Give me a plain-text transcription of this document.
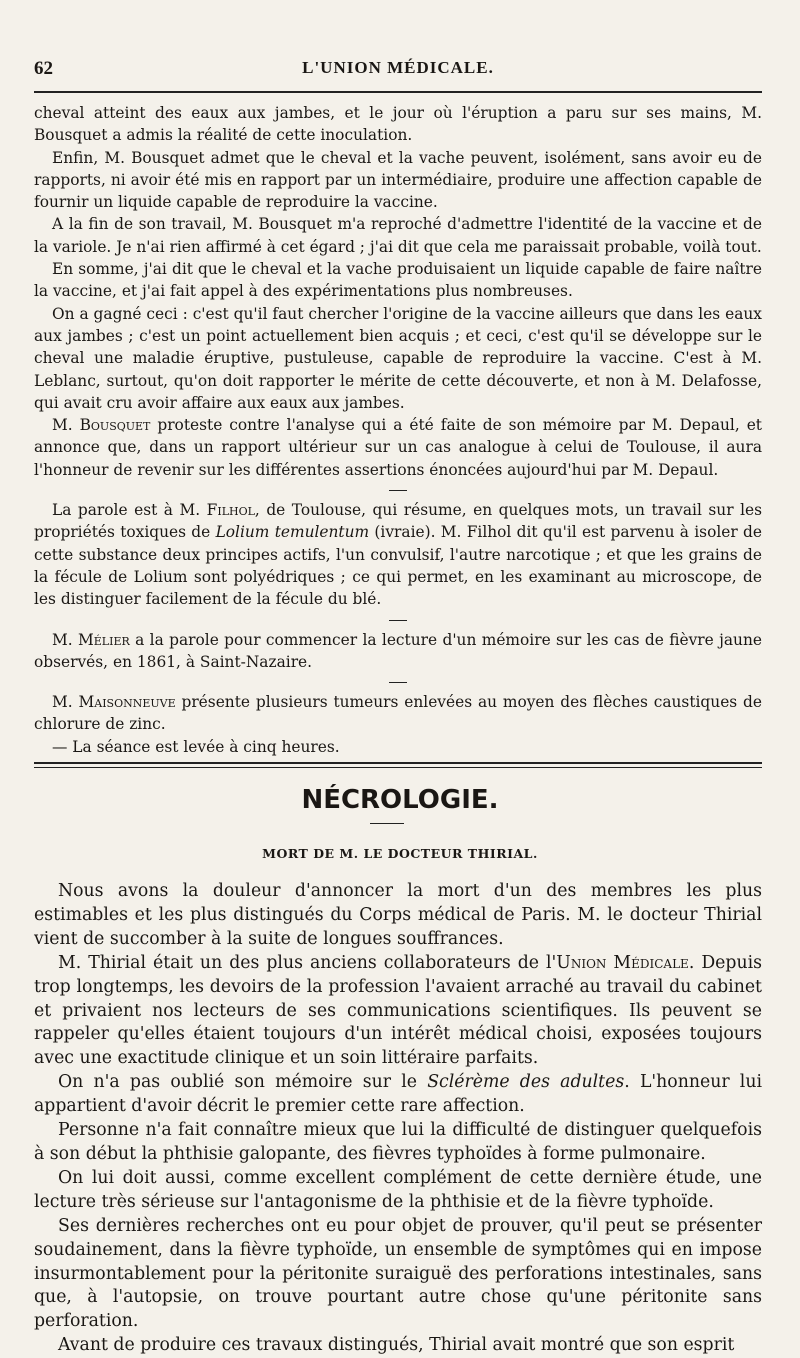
62	L'UNION MÉDICALE.

cheval atteint des eaux aux jambes, et le jour où l'éruption a paru sur ses mains, M. Bousquet a admis la réalité de cette inoculation.

Enfin, M. Bousquet admet que le cheval et la vache peuvent, isolément, sans avoir eu de rapports, ni avoir été mis en rapport par un intermédiaire, produire une affection capable de fournir un liquide capable de reproduire la vaccine.

A la fin de son travail, M. Bousquet m'a reproché d'admettre l'identité de la vaccine et de la variole. Je n'ai rien affirmé à cet égard ; j'ai dit que cela me paraissait probable, voilà tout.

En somme, j'ai dit que le cheval et la vache produisaient un liquide capable de faire naître la vaccine, et j'ai fait appel à des expérimentations plus nombreuses.

On a gagné ceci : c'est qu'il faut chercher l'origine de la vaccine ailleurs que dans les eaux aux jambes ; c'est un point actuellement bien acquis ; et ceci, c'est qu'il se développe sur le cheval une maladie éruptive, pustuleuse, capable de reproduire la vaccine. C'est à M. Leblanc, surtout, qu'on doit rapporter le mérite de cette découverte, et non à M. Delafosse, qui avait cru avoir affaire aux eaux aux jambes.

M. Bousquet proteste contre l'analyse qui a été faite de son mémoire par M. Depaul, et annonce que, dans un rapport ultérieur sur un cas analogue à celui de Toulouse, il aura l'honneur de revenir sur les différentes assertions énoncées aujourd'hui par M. Depaul.

La parole est à M. Filhol, de Toulouse, qui résume, en quelques mots, un travail sur les propriétés toxiques de Lolium temulentum (ivraie). M. Filhol dit qu'il est parvenu à isoler de cette substance deux principes actifs, l'un convulsif, l'autre narcotique ; et que les grains de la fécule de Lolium sont polyédriques ; ce qui permet, en les examinant au microscope, de les distinguer facilement de la fécule du blé.

M. Mélier a la parole pour commencer la lecture d'un mémoire sur les cas de fièvre jaune observés, en 1861, à Saint-Nazaire.

M. Maisonneuve présente plusieurs tumeurs enlevées au moyen des flèches caustiques de chlorure de zinc.

— La séance est levée à cinq heures.

NÉCROLOGIE.
MORT DE M. LE DOCTEUR THIRIAL.

Nous avons la douleur d'annoncer la mort d'un des membres les plus estimables et les plus distingués du Corps médical de Paris. M. le docteur Thirial vient de succomber à la suite de longues souffrances.

M. Thirial était un des plus anciens collaborateurs de l'Union Médicale. Depuis trop longtemps, les devoirs de la profession l'avaient arraché au travail du cabinet et privaient nos lecteurs de ses communications scientifiques. Ils peuvent se rappeler qu'elles étaient toujours d'un intérêt médical choisi, exposées toujours avec une exactitude clinique et un soin littéraire parfaits.

On n'a pas oublié son mémoire sur le Sclérème des adultes. L'honneur lui appartient d'avoir décrit le premier cette rare affection.

Personne n'a fait connaître mieux que lui la difficulté de distinguer quelquefois à son début la phthisie galopante, des fièvres typhoïdes à forme pulmonaire.

On lui doit aussi, comme excellent complément de cette dernière étude, une lecture très sérieuse sur l'antagonisme de la phthisie et de la fièvre typhoïde.

Ses dernières recherches ont eu pour objet de prouver, qu'il peut se présenter soudainement, dans la fièvre typhoïde, un ensemble de symptômes qui en impose insurmontablement pour la péritonite suraiguë des perforations intestinales, sans que, à l'autopsie, on trouve pourtant autre chose qu'une péritonite sans perforation.

Avant de produire ces travaux distingués, Thirial avait montré que son esprit
